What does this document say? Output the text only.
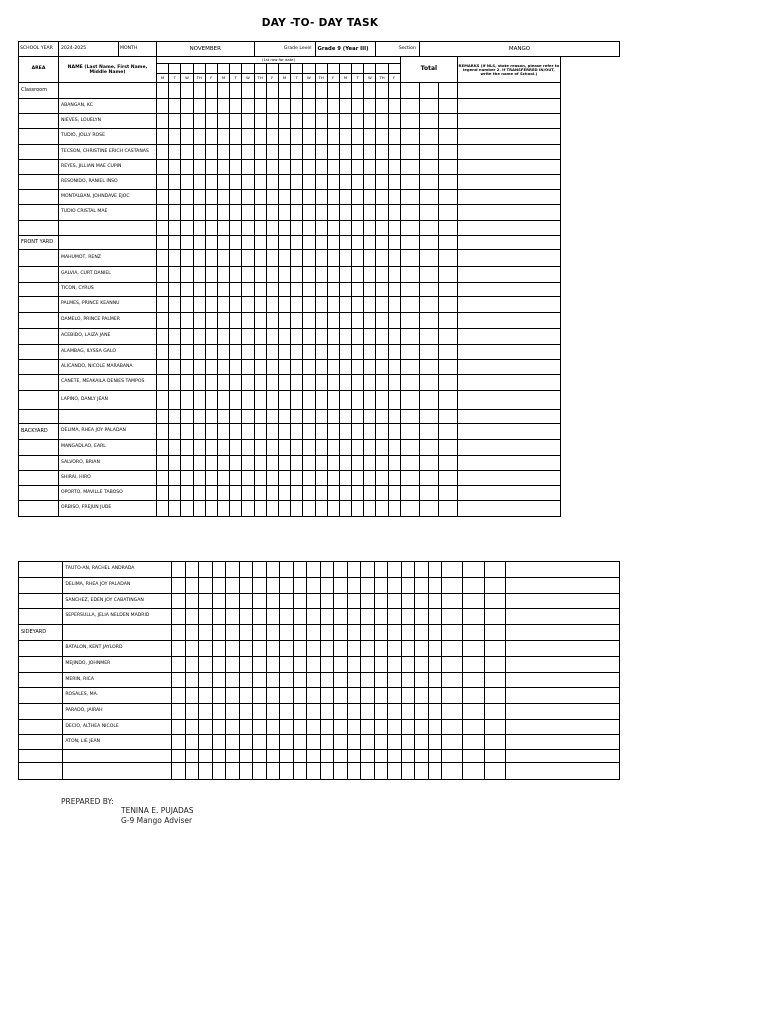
DAY -TO- DAY TASK
SCHOOL YEAR	2024-2025	MONTH	NOVEMBER								Grade Level					Grade 9 (Year III)					Section			MANGO		
AREA	NAME (Last Name, First Name, Middle Name)		(1st row for date)																				Total			REMARKS (If NLS, state reason, please refer to legend number 2. If TRANSFERRED IN/OUT, write the name of School.)

			M	T	W	TH	F	M	T	W	TH	F	M	T	W	TH	F	M	T	W	TH	F				
Classroom																										
	ABANGAN, KC																									
	NIEVES, LOUELYN																									
	TUDIO, JOLLY ROSE																									
	TECSON, CHRISTINE ERICH CASTANAS																									
	REYES, JILLIAN MAE CUPIN																									
	RESONIDO, RANIEL INSO																									
	MONTALBAN, JOHNDAVE EJOC																									
	TUDIO CRISTAL MAE																									

FRONT YARD																										
	MAHUMOT, RENZ																									
	GALVIA, CURT DANIEL																									
	TICON, CYRUS																									
	PALMES, PRINCE KEANNU																									
	DAMELO, PRINCE PALMER																									
	ACEBIDO, LAIZA JANE																									
	ALAMBAG, ILYSSA GALO																									
	ALICANDO, NICOLE MARABANA																									
	CANETE, MEAKAILA DENIES TAMPOS																									
	LAPINO, DANLY JEAN																									

BACKYARD	DELIMA, RHEA JOY PALADAN																									
	MANGADLAO, EARL																									
	SALVORO, BRIAN																									
	SHIRAI, HIRO																									
	OPORTO, MAVILLE TABOSO																									
	ORBISO, FREJUN JUDE																									
	TAUTO-AN, RACHEL ANDRADA																								
	DELIMA, RHEA JOY PALADAN																								
	SANCHEZ, EDEN JOY CABATINGAN																								
	SEPERSULLA, JELIA NELDEN MADRID																								
SIDEYARD																									
	BATALON, KENT JAYLORD																								
	MEJINDO, JOHNMER																								
	MERIN, RICA																								
	ROSALES, MA.																								
	PARADO, JAIRAH																								
	DECIO, ALTHEA NICOLE																								
	ATON, LIE JEAN																								

PREPARED BY:
TENINA E. PUJADAS
G-9 Mango Adviser
